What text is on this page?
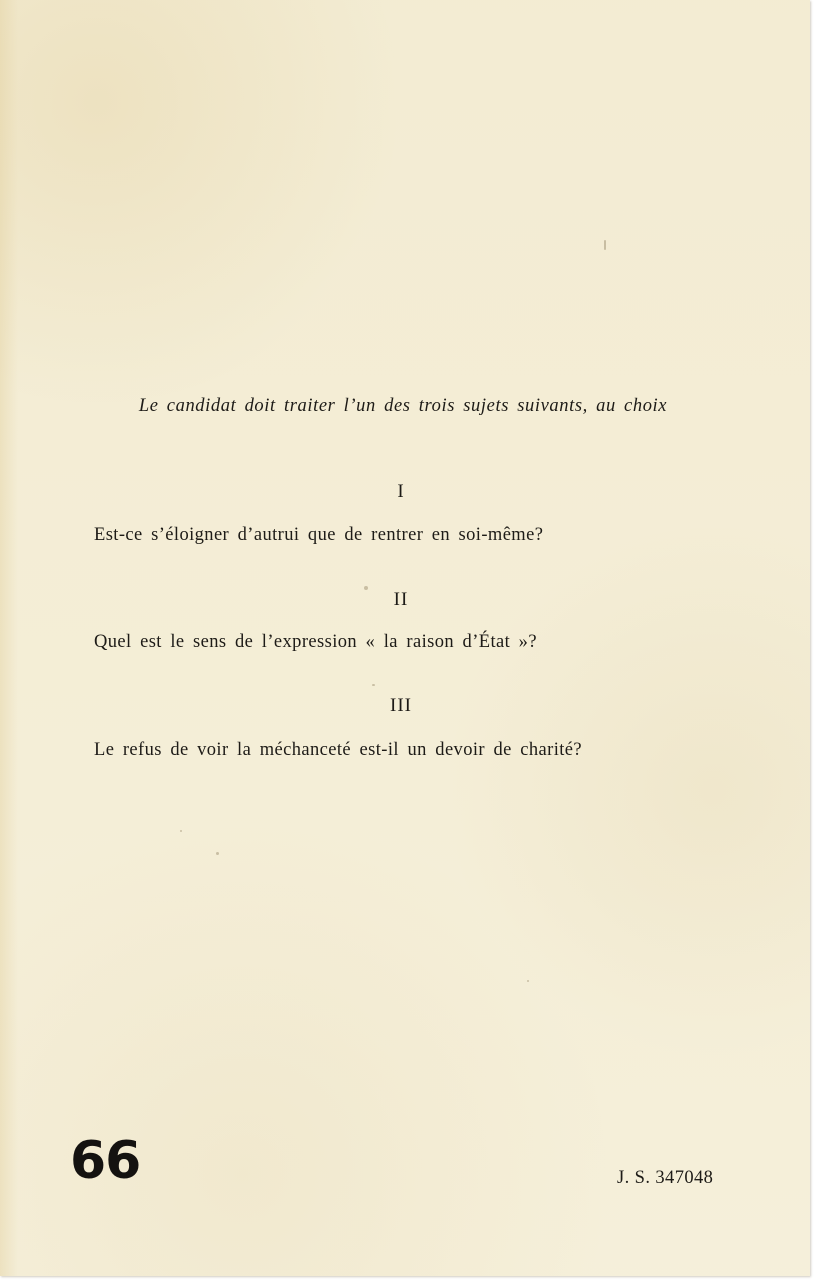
Le candidat doit traiter l’un des trois sujets suivants, au choix
I
Est-ce s’éloigner d’autrui que de rentrer en soi-même?
II
Quel est le sens de l’expression « la raison d’État »?
III
Le refus de voir la méchanceté est-il un devoir de charité?
66	J. S. 347048
